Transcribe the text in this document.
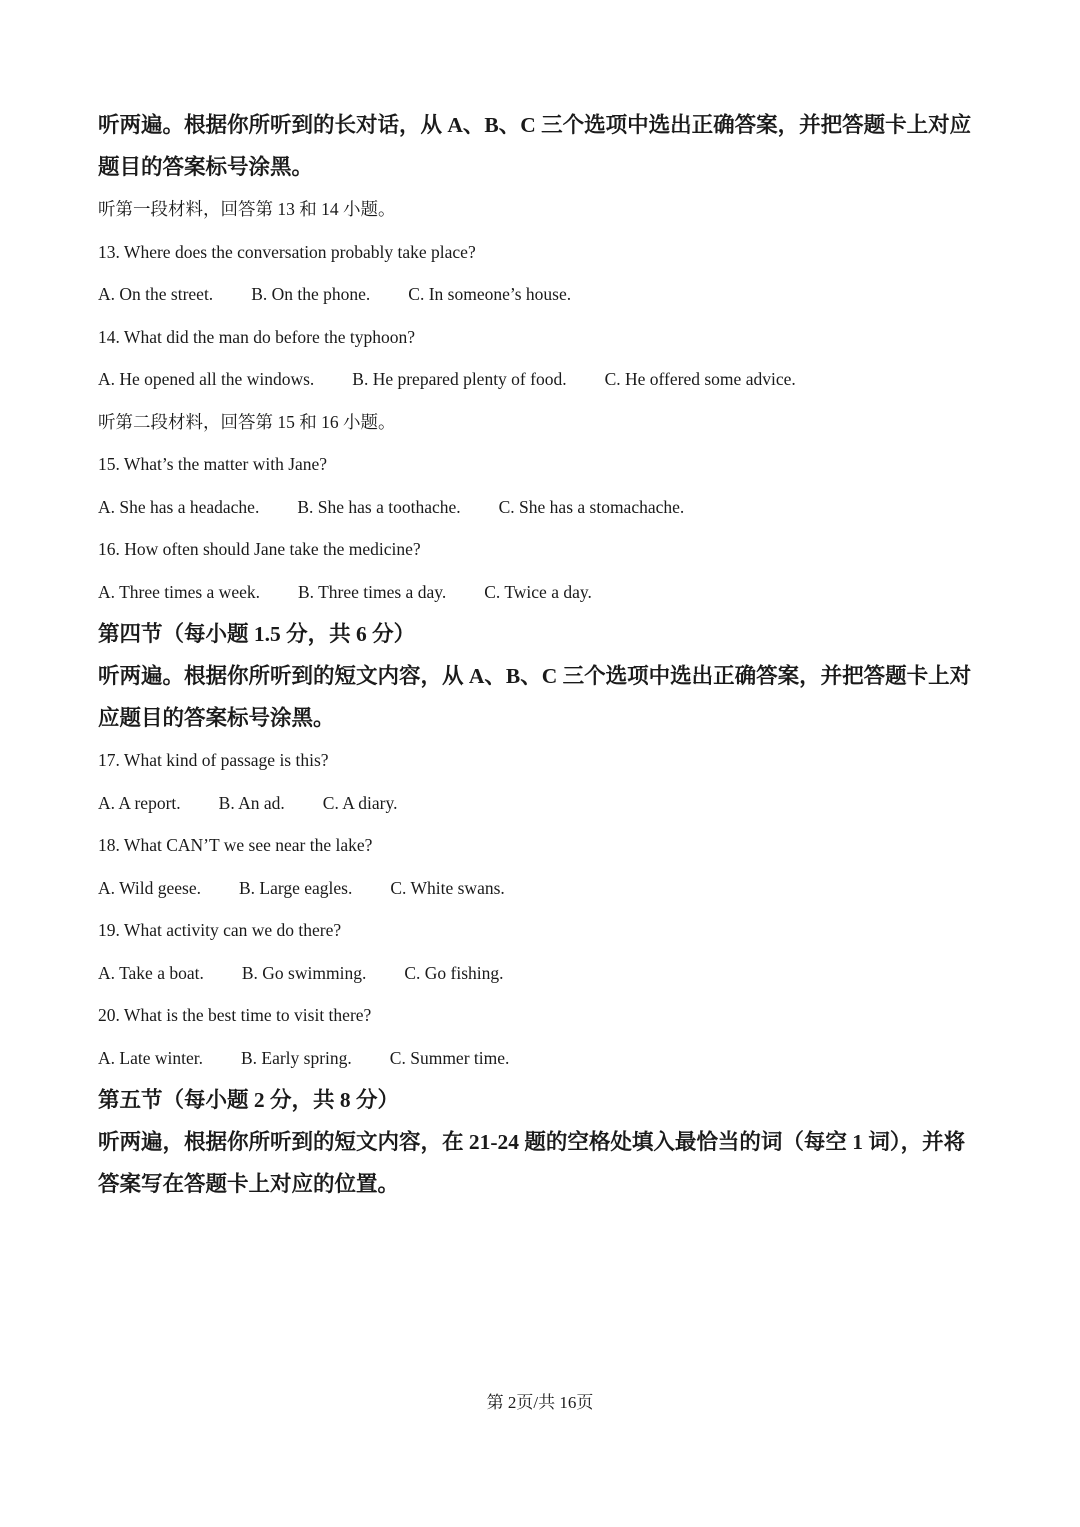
听两遍。根据你所听到的长对话，从 A、B、C 三个选项中选出正确答案，并把答题卡上对应
题目的答案标号涂黑。
听第一段材料，回答第 13 和 14 小题。
13. Where does the conversation probably take place?
A. On the street. B. On the phone. C. In someone’s house.
14. What did the man do before the typhoon?
A. He opened all the windows. B. He prepared plenty of food. C. He offered some advice.
听第二段材料，回答第 15 和 16 小题。
15. What’s the matter with Jane?
A. She has a headache. B. She has a toothache. C. She has a stomachache.
16. How often should Jane take the medicine?
A. Three times a week. B. Three times a day. C. Twice a day.
第四节（每小题 1.5 分，共 6 分）
听两遍。根据你所听到的短文内容，从 A、B、C 三个选项中选出正确答案，并把答题卡上对
应题目的答案标号涂黑。
17. What kind of passage is this?
A. A report. B. An ad. C. A diary.
18. What CAN’T we see near the lake?
A. Wild geese. B. Large eagles. C. White swans.
19. What activity can we do there?
A. Take a boat. B. Go swimming. C. Go fishing.
20. What is the best time to visit there?
A. Late winter. B. Early spring. C. Summer time.
第五节（每小题 2 分，共 8 分）
听两遍，根据你所听到的短文内容，在 21-24 题的空格处填入最恰当的词（每空 1 词），并将
答案写在答题卡上对应的位置。
第 2页/共 16页
